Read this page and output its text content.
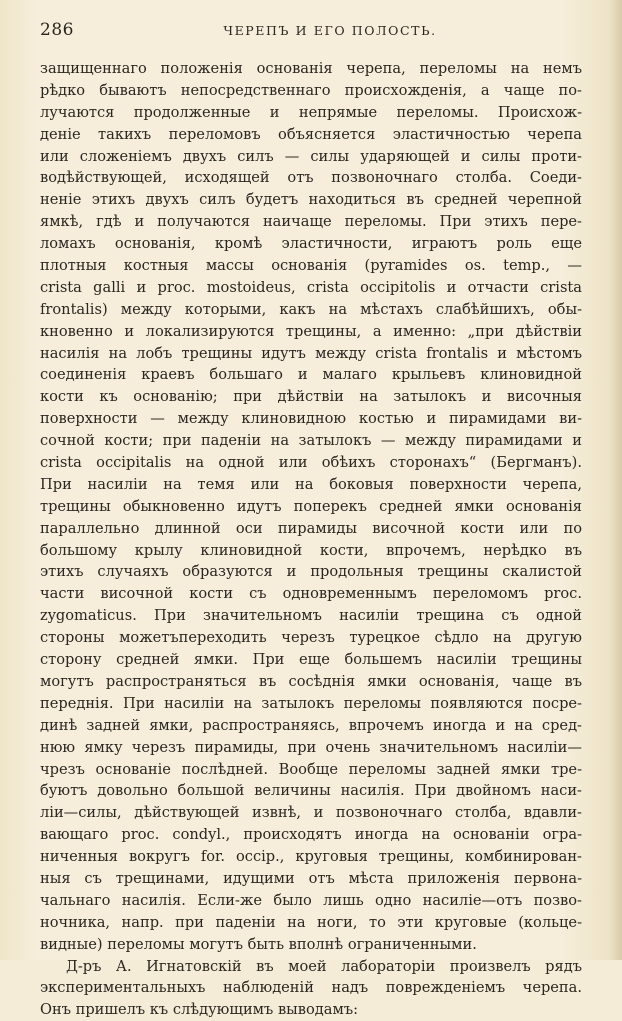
286	ЧЕРЕПЪ И ЕГО ПОЛОСТЬ.
защищеннаго положенія основанія черепа, переломы на немъ
рѣдко бываютъ непосредственнаго происхожденія, а чаще по-
лучаются продолженные и непрямые переломы. Происхож-
деніе такихъ переломовъ объясняется эластичностью черепа
или сложеніемъ двухъ силъ — силы ударяющей и силы проти-
водѣйствующей, исходящей отъ позвоночнаго столба. Соеди-
неніе этихъ двухъ силъ будетъ находиться въ средней черепной
ямкѣ, гдѣ и получаются наичаще переломы. При этихъ пере-
ломахъ основанія, кромѣ эластичности, играютъ роль еще
плотныя костныя массы основанія (pyramides os. temp., —
crista galli и proc. mostoideus, crista occipitolis и отчасти crista
frontalis) между которыми, какъ на мѣстахъ слабѣйшихъ, обы-
кновенно и локализируются трещины, а именно: „при дѣйствіи
насилія на лобъ трещины идутъ между crista frontalis и мѣстомъ
соединенія краевъ большаго и малаго крыльевъ клиновидной
кости къ основанію; при дѣйствіи на затылокъ и височныя
поверхности — между клиновидною костью и пирамидами ви-
сочной кости; при паденіи на затылокъ — между пирамидами и
crista occipitalis на одной или обѣихъ сторонахъ“ (Бергманъ).
При насиліи на темя или на боковыя поверхности черепа,
трещины обыкновенно идутъ поперекъ средней ямки основанія
параллельно длинной оси пирамиды височной кости или по
большому крылу клиновидной кости, впрочемъ, нерѣдко въ
этихъ случаяхъ образуются и продольныя трещины скалистой
части височной кости съ одновременнымъ переломомъ proc.
zygomaticus. При значительномъ насиліи трещина съ одной
стороны можетъпереходить черезъ турецкое сѣдло на другую
сторону средней ямки. При еще большемъ насиліи трещины
могутъ распространяться въ сосѣднія ямки основанія, чаще въ
переднія. При насиліи на затылокъ переломы появляются посре-
динѣ задней ямки, распространяясь, впрочемъ иногда и на сред-
нюю ямку черезъ пирамиды, при очень значительномъ насиліи—
чрезъ основаніе послѣдней. Вообще переломы задней ямки тре-
буютъ довольно большой величины насилія. При двойномъ наси-
ліи—силы, дѣйствующей извнѣ, и позвоночнаго столба, вдавли-
вающаго proc. condyl., происходятъ иногда на основаніи огра-
ниченныя вокругъ for. occip., круговыя трещины, комбинирован-
ныя съ трещинами, идущими отъ мѣста приложенія первона-
чальнаго насилія. Если-же было лишь одно насиліе—отъ позво-
ночника, напр. при паденіи на ноги, то эти круговые (кольце-
видные) переломы могутъ быть вполнѣ ограниченными.
Д-ръ А. Игнатовскій въ моей лабораторіи произвелъ рядъ
экспериментальныхъ наблюденій надъ поврежденіемъ черепа.
Онъ пришелъ къ слѣдующимъ выводамъ:
